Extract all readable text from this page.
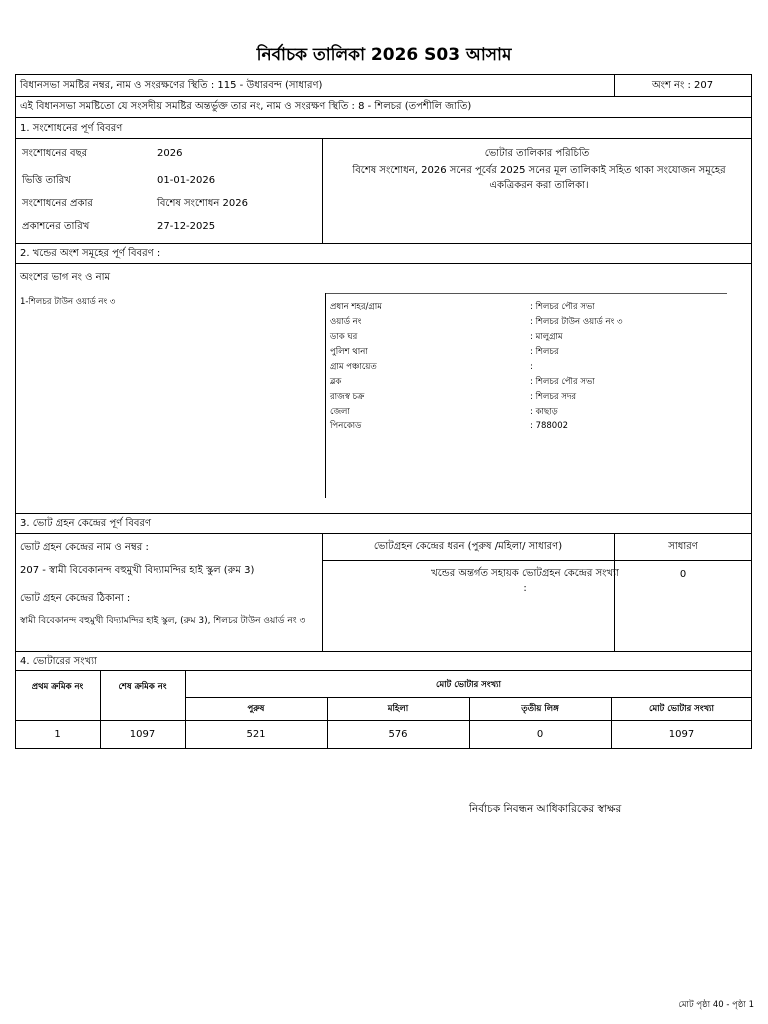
নির্বাচক তালিকা 2026 S03 আসাম
বিধানসভা সমষ্টির নম্বর, নাম ও সংরক্ষণের স্থিতি : 115 - উধারবন্দ (সাধারণ)	অংশ নং : 207
এই বিধানসভা সমষ্টিতো যে সংসদীয় সমষ্টির অন্তর্ভুক্ত তার নং, নাম ও সংরক্ষণ স্থিতি : 8 - শিলচর (তপশীলি জাতি)
1. সংশোধনের পূর্ণ বিবরণ
সংশোধনের বছর	2026
ভিত্তি তারিখ	01-01-2026
সংশোধনের প্রকার	বিশেষ সংশোধন 2026
প্রকাশনের তারিখ	27-12-2025
ভোটার তালিকার পরিচিতি
বিশেষ সংশোধন, 2026 সনের পূর্বের 2025 সনের মূল তালিকাই সহিত থাকা সংযোজন সমূহের একত্রিকরন করা তালিকা।
2. খন্ডের অংশ সমূহের পূর্ণ বিবরণ :
অংশের ভাগ নং ও নাম
1-শিলচর টাউন ওয়ার্ড নং ৩	প্রধান শহর/গ্রাম	: শিলচর পৌর সভা
ওয়ার্ড নং	: শিলচর টাউন ওয়ার্ড নং ৩
ডাক ঘর	: মালুগ্রাম
পুলিশ থানা	: শিলচর
গ্রাম পঞ্চায়েত	:
ব্লক	: শিলচর পৌর সভা
রাজস্ব চক্র	: শিলচর সদর
জেলা	: কাছাড়
পিনকোড	: 788002
3. ভোট গ্রহন কেন্দ্রের পূর্ণ বিবরণ
ভোট গ্রহন কেন্দ্রের নাম ও নম্বর :
207 - স্বামী বিবেকানন্দ বহুমুখী বিদ্যামন্দির হাই স্কুল (রুম 3)
ভোট গ্রহন কেন্দ্রের ঠিকানা :
স্বামী বিবেকানন্দ বহুমুখী বিদ্যামন্দির হাই স্কুল, (রুম 3), শিলচর টাউন ওয়ার্ড নং ৩
ভোটগ্রহন কেন্দ্রের ধরন (পুরুষ /মহিলা/ সাধারণ)	সাধারণ
খন্ডের অন্তর্গত সহায়ক ভোটগ্রহন কেন্দ্রের সংখ্যা :
0
4. ভোটারের সংখ্যা
প্রথম ক্রমিক নং	শেষ ক্রমিক নং	মোট ভোটার সংখ্যা
পুরুষ	মহিলা	তৃতীয় লিঙ্গ	মোট ভোটার সংখ্যা
1	1097	521	576	0	1097
নির্বাচক নিবন্ধন আধিকারিকের স্বাক্ষর
মোট পৃষ্ঠা 40 - পৃষ্ঠা 1
